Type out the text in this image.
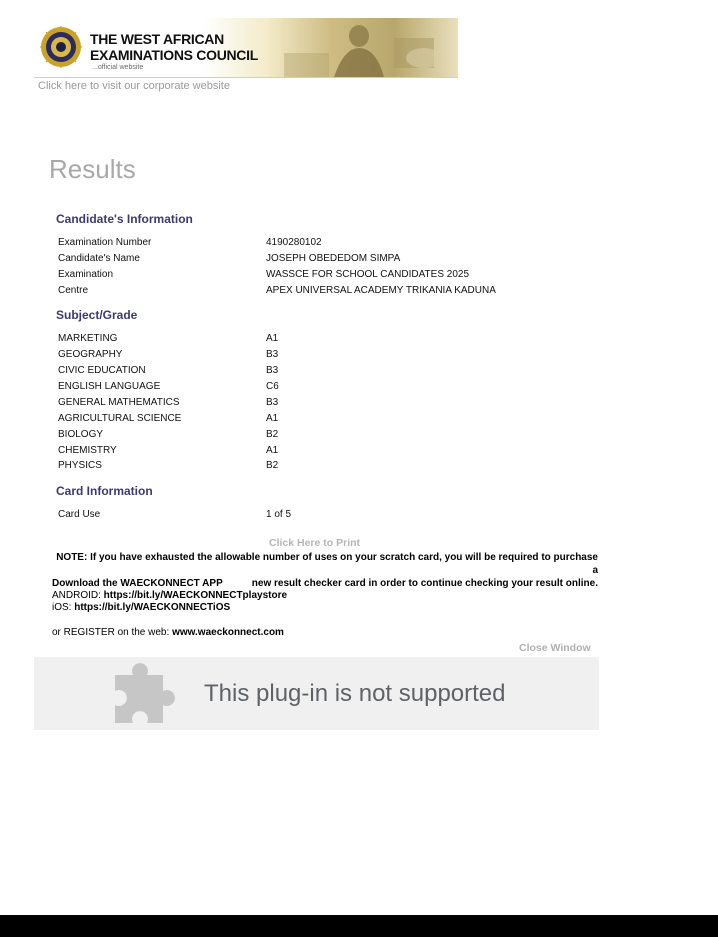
THE WEST AFRICAN
EXAMINATIONS COUNCIL
...official website
Click here to visit our corporate website
Results
Candidate's Information
Examination Number	4190280102
Candidate's Name	JOSEPH OBEDEDOM SIMPA
Examination	WASSCE FOR SCHOOL CANDIDATES 2025
Centre	APEX UNIVERSAL ACADEMY TRIKANIA KADUNA
Subject/Grade
MARKETING	A1
GEOGRAPHY	B3
CIVIC EDUCATION	B3
ENGLISH LANGUAGE	C6
GENERAL MATHEMATICS	B3
AGRICULTURAL SCIENCE	A1
BIOLOGY	B2
CHEMISTRY	A1
PHYSICS	B2
Card Information
Card Use	1 of 5
Click Here to Print
NOTE: If you have exhausted the allowable number of uses on your scratch card, you will be required to purchase a
new result checker card in order to continue checking your result online.
Download the WAECKONNECT APP
ANDROID: https://bit.ly/WAECKONNECTplaystore
iOS: https://bit.ly/WAECKONNECTiOS
or REGISTER on the web: www.waeckonnect.com
Close Window
This plug-in is not supported
